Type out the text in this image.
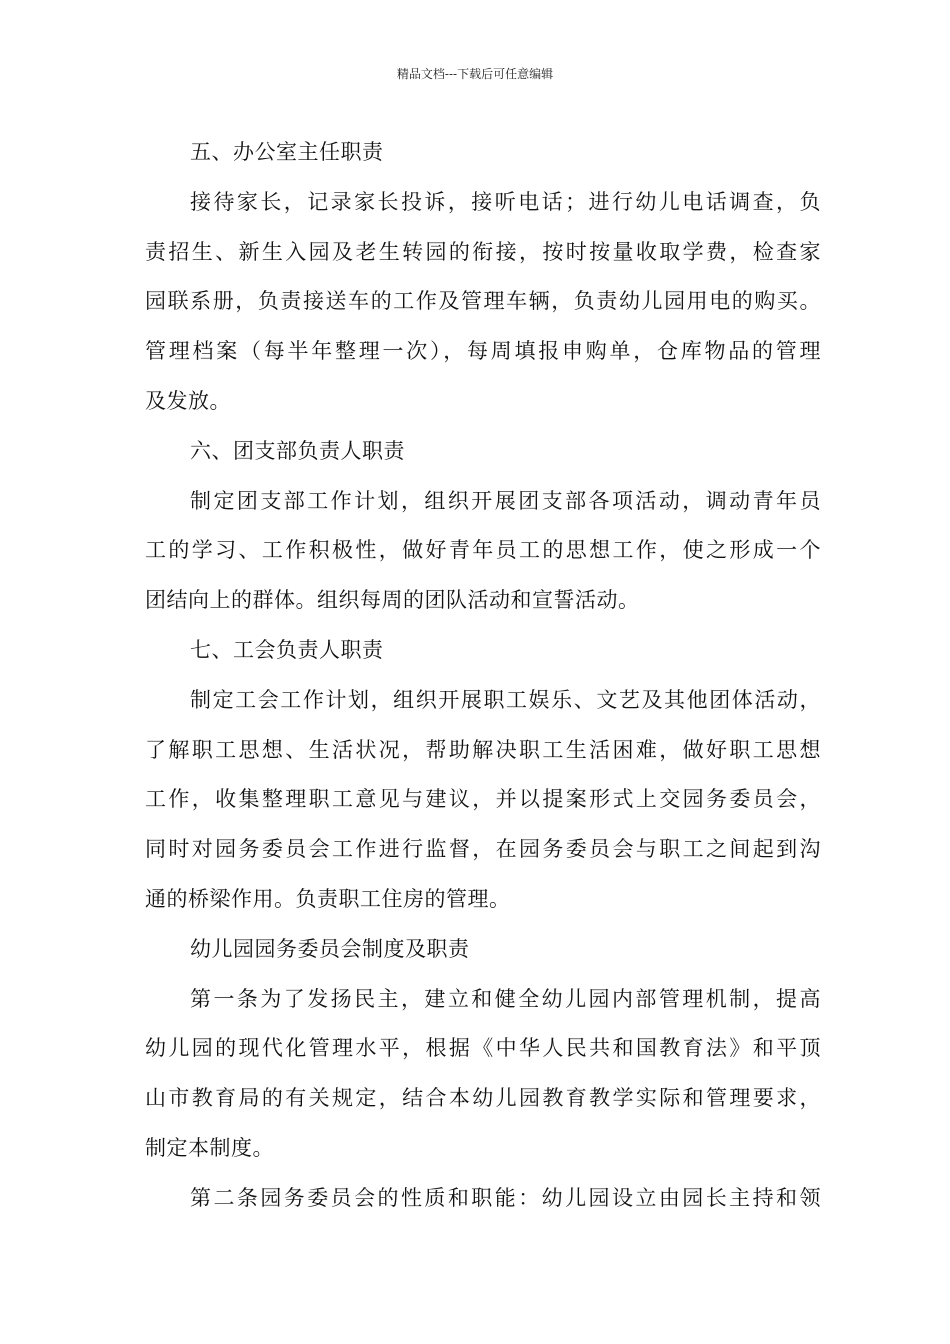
精品文档---下载后可任意编辑
五、办公室主任职责
接待家长，记录家长投诉，接听电话；进行幼儿电话调查，负
责招生、新生入园及老生转园的衔接，按时按量收取学费，检查家
园联系册，负责接送车的工作及管理车辆，负责幼儿园用电的购买。
管理档案（每半年整理一次），每周填报申购单，仓库物品的管理
及发放。
六、团支部负责人职责
制定团支部工作计划，组织开展团支部各项活动，调动青年员
工的学习、工作积极性，做好青年员工的思想工作，使之形成一个
团结向上的群体。组织每周的团队活动和宣誓活动。
七、工会负责人职责
制定工会工作计划，组织开展职工娱乐、文艺及其他团体活动，
了解职工思想、生活状况，帮助解决职工生活困难，做好职工思想
工作，收集整理职工意见与建议，并以提案形式上交园务委员会，
同时对园务委员会工作进行监督，在园务委员会与职工之间起到沟
通的桥梁作用。负责职工住房的管理。
幼儿园园务委员会制度及职责
第一条为了发扬民主，建立和健全幼儿园内部管理机制，提高
幼儿园的现代化管理水平，根据《中华人民共和国教育法》和平顶
山市教育局的有关规定，结合本幼儿园教育教学实际和管理要求，
制定本制度。
第二条园务委员会的性质和职能：幼儿园设立由园长主持和领
